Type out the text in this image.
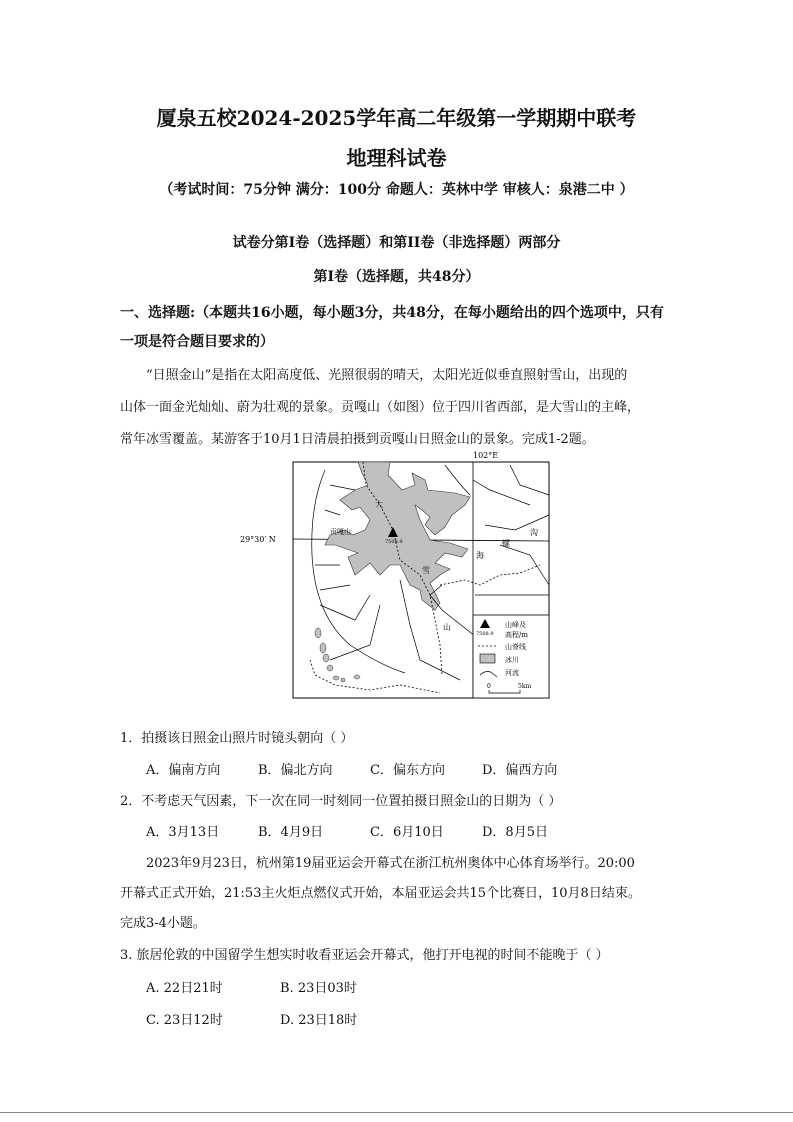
厦泉五校2024-2025学年高二年级第一学期期中联考
地理科试卷
（考试时间：75分钟 满分：100分 命题人：英林中学 审核人：泉港二中 ）
试卷分第I卷（选择题）和第II卷（非选择题）两部分
第I卷（选择题，共48分）
一、选择题:（本题共16小题，每小题3分，共48分，在每小题给出的四个选项中，只有
一项是符合题目要求的）
“日照金山”是指在太阳高度低、光照很弱的晴天，太阳光近似垂直照射雪山，出现的
山体一面金光灿灿、蔚为壮观的景象。贡嘎山（如图）位于四川省西部，是大雪山的主峰，
常年冰雪覆盖。某游客于10月1日清晨拍摄到贡嘎山日照金山的景象。完成1-2题。
102°E
29°30′ N
贡嘎山
7508.9
大
雪
山
海
螺
沟
7508.9
山峰及
高程/m
山脊线
冰川
河流
0	5km
1．拍摄该日照金山照片时镜头朝向（ ）
A．偏南方向	B．偏北方向	C．偏东方向	D．偏西方向
2．不考虑天气因素，下一次在同一时刻同一位置拍摄日照金山的日期为（ ）
A．3月13日	B．4月9日	C．6月10日	D．8月5日
2023年9月23日，杭州第19届亚运会开幕式在浙江杭州奥体中心体育场举行。20:00
开幕式正式开始，21:53主火炬点燃仪式开始，本届亚运会共15个比赛日，10月8日结束。
完成3-4小题。
3. 旅居伦敦的中国留学生想实时收看亚运会开幕式，他打开电视的时间不能晚于（ ）
A. 22日21时	B. 23日03时
C. 23日12时	D. 23日18时
